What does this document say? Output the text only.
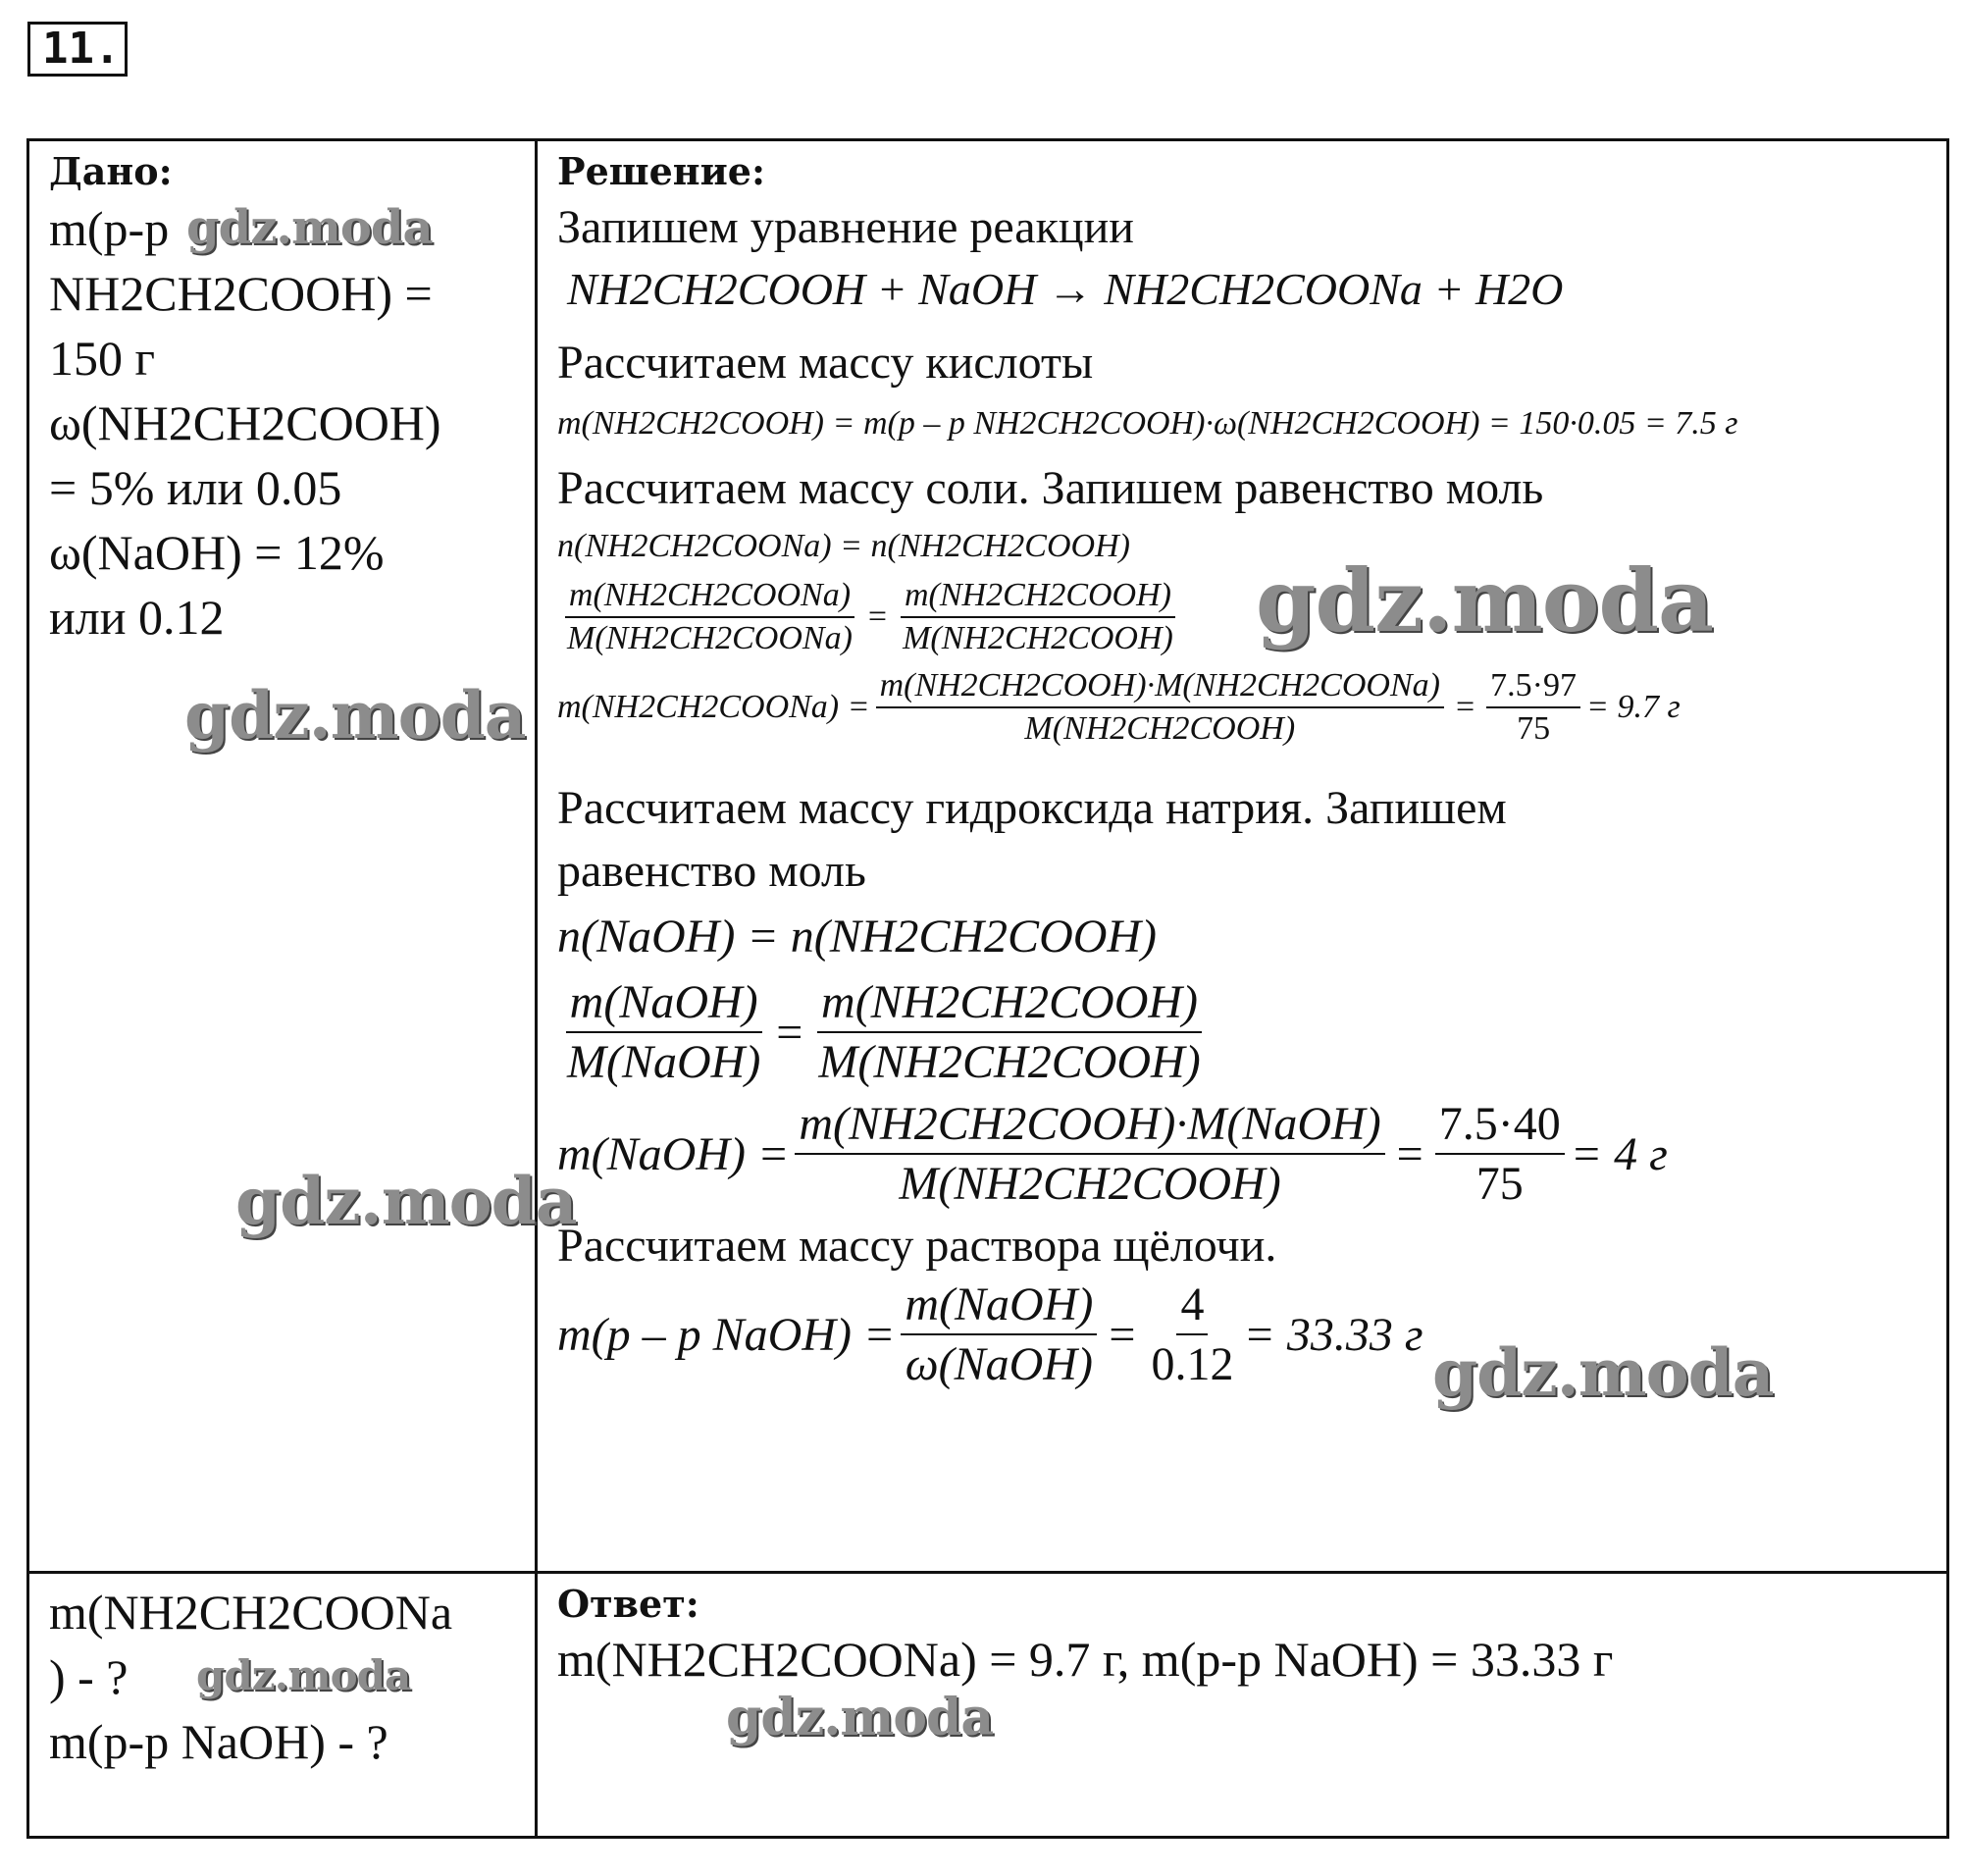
11.
Дано:
m(р-р
NH2CH2COOH) =
150 г
ω(NH2CH2COOH)
= 5% или 0.05
ω(NaOH) = 12%
или 0.12
Решение:
Запишем уравнение реакции
NH2CH2COOH + NaOH → NH2CH2COONa + H2O
Рассчитаем массу кислоты
m(NH2CH2COOH) = m(р – р NH2CH2COOH)·ω(NH2CH2COOH) = 150·0.05 = 7.5 г
Рассчитаем массу соли. Запишем равенство моль
n(NH2CH2COONa) = n(NH2CH2COOH)
$\frac{\text{m(NH2CH2COONa)}}{\text{M(NH2CH2COONa)}} = \frac{\text{m(NH2CH2COOH)}}{\text{M(NH2CH2COOH)}}$
m(NH2CH2COONa) = $\frac{\text{m(NH2CH2COOH)·M(NH2CH2COONa)}}{\text{M(NH2CH2COOH)}} = \frac{7.5\cdot 97}{75} = 9.7$ г
Рассчитаем массу гидроксида натрия. Запишем
равенство моль
n(NaOH) = n(NH2CH2COOH)
$\frac{\text{m(NaOH)}}{\text{M(NaOH)}} = \frac{\text{m(NH2CH2COOH)}}{\text{M(NH2CH2COOH)}}$
m(NaOH) = $\frac{\text{m(NH2CH2COOH)·M(NaOH)}}{\text{M(NH2CH2COOH)}} = \frac{7.5\cdot 40}{75} = 4$ г
Рассчитаем массу раствора щёлочи.
m(р – р NaOH) = $\frac{\text{m(NaOH)}}{\text{ω(NaOH)}} = \frac{4}{0.12} = 33.33$ г
m(NH2CH2COONa
) - ?
m(р-р NaOH) - ?
Ответ:
m(NH2CH2COONa) = 9.7 г, m(р-р NaOH) = 33.33 г
gdz.moda
gdz.moda
gdz.moda
gdz.moda
gdz.moda
gdz.moda
gdz.moda
